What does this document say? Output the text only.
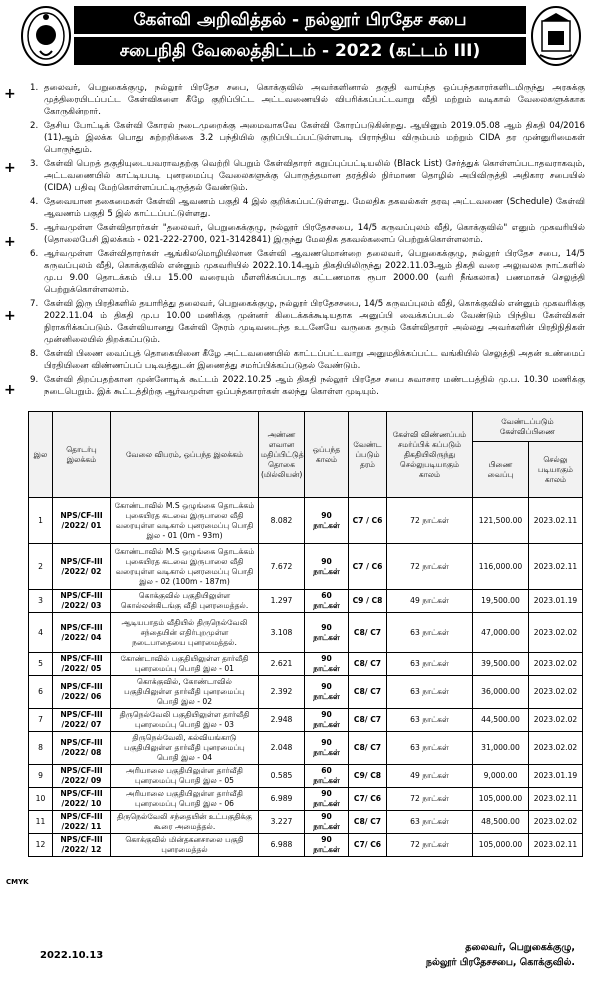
கேள்வி அறிவித்தல் - நல்லூர் பிரதேச சபை
சபைநிதி வேலைத்திட்டம் - 2022 (கட்டம் III)
+
+
+
+
+
1. தலைவர், பெறுகைக்குழு, நல்லூர் பிரதேச சபை, கொக்குவில் அவர்களினால் தகுதி வாய்ந்த ஒப்பந்தகாரர்களிடமிருந்து அரசுக்கு முத்திரையிடப்பட்ட கேள்விகளை கீழே குறிப்பிட்ட அட்டவணையில் விபரிக்கப்பட்டவாறு வீதி மற்றும் வடிகால் வேலைகளுக்காக கோருகின்றார்.
2. தேசிய போட்டிக் கேள்வி கோரல் நடைமுறைக்கு அமைவாகவே கேள்வி கோரப்படுகின்றது. ஆயினும் 2019.05.08 ஆம் திகதி 04/2016 (11)ஆம் இலக்க பொது சுற்றறிக்கை 3.2 பந்தியில் குறிப்பிடப்பட்டுள்ளபடி பிராந்திய விரும்பம் மற்றும் CIDA தர முன்னுரிமைகள் பொருந்தும்.
3. கேள்வி பெறத் தகுதியுடையவராவதற்கு வெற்றி பெறும் கேள்விதாரர் கறுப்புப்பட்டியலில் (Black List) சேர்த்துக் கொள்ளப்படாதவராகவும், அட்டவணையில் காட்டியபடி புனரமைப்பு வேலைகளுக்கு பொருத்தமான தரத்தில் நிர்மாண தொழில் அபிவிருத்தி அதிகார சபையில் (CIDA) பதிவு மேற்கொள்ளப்பட்டிருத்தல் வேண்டும்.
4. தேவையான தகைமைகள் கேள்வி ஆவணம் பகுதி 4 இல் குறிக்கப்பட்டுள்ளது. மேலதிக தகவல்கள் தரவு அட்டவணை (Schedule) கேள்வி ஆவணம் பகுதி 5 இல் காட்டப்பட்டுள்ளது.
5. ஆர்வமுள்ள கேள்விதாரர்கள் "தலைவர், பெறுகைக்குழு, நல்லூர் பிரதேசசபை, 14/5 கருவப்புலம் வீதி, கொக்குவில்" எனும் முகவரியில் (தொலைபேசி இலக்கம் - 021-222-2700, 021-3142841) இருந்து மேலதிக தகவல்களைப் பெற்றுக்கொள்ளலாம்.
6. ஆர்வமுள்ள கேள்விதாரர்கள் ஆங்கிலமொழியிலான கேள்வி ஆவணமொன்றை தலைவர், பெறுகைக்குழு, நல்லூர் பிரதேச சபை, 14/5 கருவப்புலம் வீதி, கொக்குவில் என்னும் முகவரியில் 2022.10.14ஆம் திகதியிலிருந்து 2022.11.03ஆம் திகதி வரை அலுவலக நாட்களில் மு.ப 9.00 தொடக்கம் பி.ப 15.00 வரையும் மீளளிக்கப்படாத கட்டணமாக ரூபா 2000.00 (வரி நீங்கலாக) பணமாகச் செலுத்தி பெற்றுக்கொள்ளலாம்.
7. கேள்வி இரு பிரதிகளில் தயாரித்து தலைவர், பெறுகைக்குழு, நல்லூர் பிரதேசசபை, 14/5 கருவப்புலம் வீதி, கொக்குவில் என்னும் முகவரிக்கு 2022.11.04 ம் திகதி மு.ப 10.00 மணிக்கு முன்னர் கிடைக்கக்கூடியதாக அனுப்பி வைக்கப்படல் வேண்டும் பிந்திய கேள்விகள் நிராகரிக்கப்படும். கேள்வியானது கேள்வி நேரம் முடிவடைந்த உடனேயே வருகை தரும் கேள்விதாரர் அல்லது அவர்களின் பிரதிநிதிகள் முன்னிலையில் திறக்கப்படும்.
8. கேள்வி பிணை வைப்புத் தொகையினை கீழே அட்டவணையில் காட்டப்பட்டவாறு அனுமதிக்கப்பட்ட வங்கியில் செலுத்தி அதன் உண்மைப் பிரதியினை விண்ணப்பப் படிவத்துடன் இணைத்து சமர்ப்பிக்கப்படுதல் வேண்டும்.
9. கேள்வி திறப்பதற்கான முன்னோடிக் கூட்டம் 2022.10.25 ஆம் திகதி நல்லூர் பிரதேச சபை சுவாசார மண்டபத்தில் மு.ப. 10.30 மணிக்கு நடைபெறும். இக் கூட்டத்திற்கு ஆர்வமுள்ள ஒப்பந்தகாரர்கள் கலந்து கொள்ள முடியும்.
இல	தொடர்பு இலக்கம்	வேலை விபரம், ஒப்பந்த இலக்கம்	அண்ண ளவான மதிப்பிட்டுத் தொகை (மில்லியன்)	ஒப்பந்த காலம்	வேண்ட ப்படும் தரம்	கேள்வி விண்ணப்பம் சமர்ப்பிக் கப்படும் திகதியிலிருந்து செல்லுபடியாகும் காலம்	வேண்டப்படும் கேள்விப்பிணை	
							பிணை வைப்பு	செல்லு படியாகும் காலம்
1	NPS/CF-III /2022/ 01	கோண்டாவில் M.S ஒழுங்கை தொடக்கம் புகையிரத கடவை இருபாலை வீதி வரையுள்ள வடிகால் புனரமைப்பு பொதி இல - 01 (0m - 93m)	8.082	90 நாட்கள்	C7 / C6	72 நாட்கள்	121,500.00	2023.02.11
2	NPS/CF-III /2022/ 02	கோண்டாவில் M.S ஒழுங்கை தொடக்கம் புகையிரத கடவை இருபாலை வீதி வரையுள்ள வடிகால் புனரமைப்பு பொதி இல - 02 (100m - 187m)	7.672	90 நாட்கள்	C7 / C6	72 நாட்கள்	116,000.00	2023.02.11
3	NPS/CF-III /2022/ 03	கொக்குவில் பகுதியிலுள்ள கொல்லன்கிடங்கு வீதி புனரமைத்தல்.	1.297	60 நாட்கள்	C9 / C8	49 நாட்கள்	19,500.00	2023.01.19
4	NPS/CF-III /2022/ 04	ஆடியபாதம் வீதியில் திருநெல்வேலி சந்தையின் எதிர்புறமுள்ள நடைபாதையை புனரமைத்தல்.	3.108	90 நாட்கள்	C8/ C7	63 நாட்கள்	47,000.00	2023.02.02
5	NPS/CF-III /2022/ 05	கோண்டாவில் பகுதியிலுள்ள தார்வீதி புனரமைப்பு பொதி இல - 01	2.621	90 நாட்கள்	C8/ C7	63 நாட்கள்	39,500.00	2023.02.02
6	NPS/CF-III /2022/ 06	கொக்குவில், கோண்டாவில் பகுதியிலுள்ள தார்வீதி புனரமைப்பு பொதி இல - 02	2.392	90 நாட்கள்	C8/ C7	63 நாட்கள்	36,000.00	2023.02.02
7	NPS/CF-III /2022/ 07	திருநெல்வேலி பகுதியிலுள்ள தார்வீதி புனரமைப்பு பொதி இல - 03	2.948	90 நாட்கள்	C8/ C7	63 நாட்கள்	44,500.00	2023.02.02
8	NPS/CF-III /2022/ 08	திருநெல்வேலி, கல்வியங்காடு பகுதியிலுள்ள தார்வீதி புனரமைப்பு பொதி இல - 04	2.048	90 நாட்கள்	C8/ C7	63 நாட்கள்	31,000.00	2023.02.02
9	NPS/CF-III /2022/ 09	அரியாலை பகுதியிலுள்ள தார்வீதி புனரமைப்பு பொதி இல - 05	0.585	60 நாட்கள்	C9/ C8	49 நாட்கள்	9,000.00	2023.01.19
10	NPS/CF-III /2022/ 10	அரியாலை பகுதியிலுள்ள தார்வீதி புனரமைப்பு பொதி இல - 06	6.989	90 நாட்கள்	C7/ C6	72 நாட்கள்	105,000.00	2023.02.11
11	NPS/CF-III /2022/ 11	திருநெல்வேலி சந்தையின் உட்பகுதிக்கு கூரை அமைத்தல்.	3.227	90 நாட்கள்	C8/ C7	63 நாட்கள்	48,500.00	2023.02.02
12	NPS/CF-III /2022/ 12	கொக்குவில் மின்தகனசாலை பகுதி புனரமைத்தல்	6.988	90 நாட்கள்	C7/ C6	72 நாட்கள்	105,000.00	2023.02.11
CMYK
2022.10.13
தலைவர், பெறுகைக்குழு,
நல்லூர் பிரதேசசபை, கொக்குவில்.
